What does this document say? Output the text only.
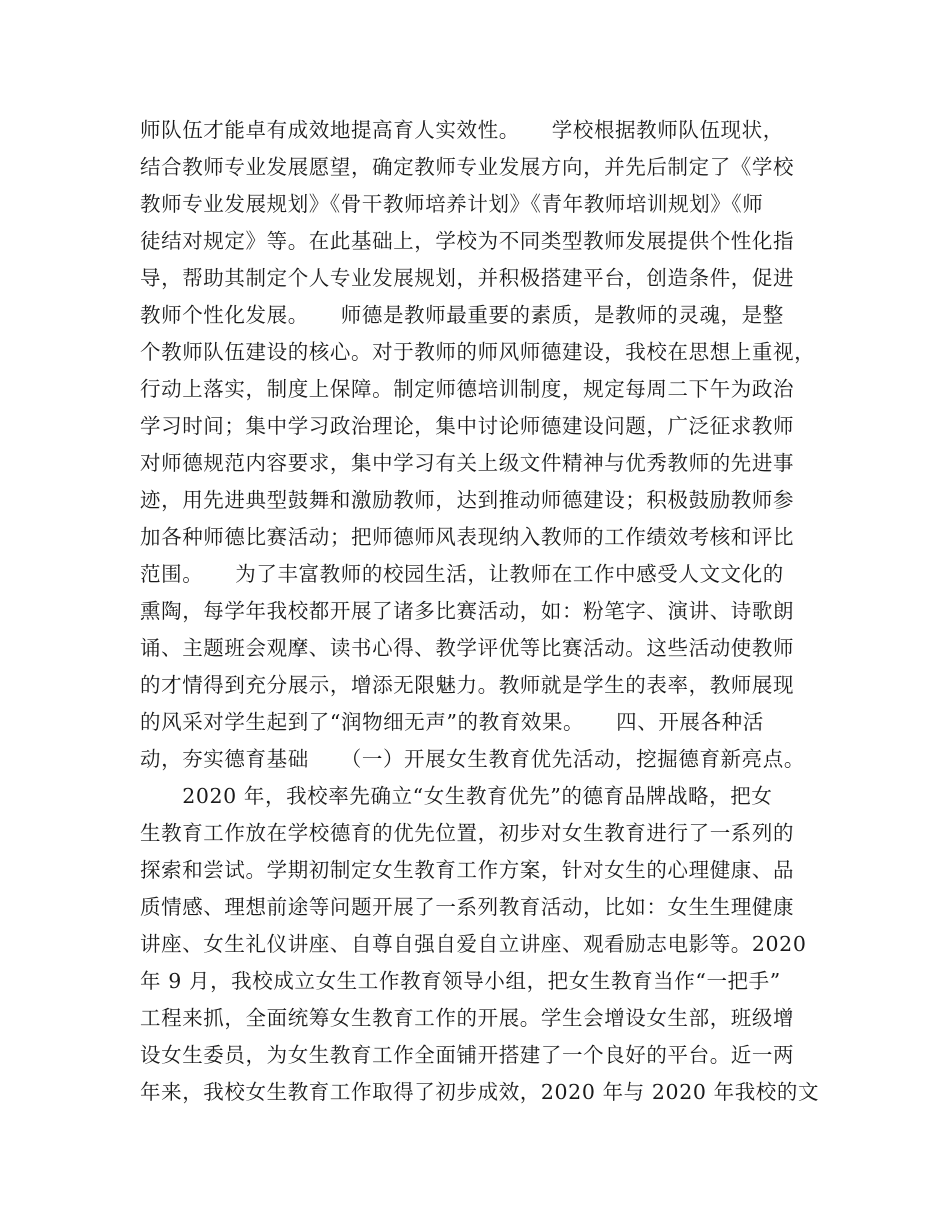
师队伍才能卓有成效地提高育人实效性。　　学校根据教师队伍现状，
结合教师专业发展愿望，确定教师专业发展方向，并先后制定了《学校
教师专业发展规划》《骨干教师培养计划》《青年教师培训规划》《师
徒结对规定》等。在此基础上，学校为不同类型教师发展提供个性化指
导，帮助其制定个人专业发展规划，并积极搭建平台，创造条件，促进
教师个性化发展。　　师德是教师最重要的素质，是教师的灵魂，是整
个教师队伍建设的核心。对于教师的师风师德建设，我校在思想上重视，
行动上落实，制度上保障。制定师德培训制度，规定每周二下午为政治
学习时间；集中学习政治理论，集中讨论师德建设问题，广泛征求教师
对师德规范内容要求，集中学习有关上级文件精神与优秀教师的先进事
迹，用先进典型鼓舞和激励教师，达到推动师德建设；积极鼓励教师参
加各种师德比赛活动；把师德师风表现纳入教师的工作绩效考核和评比
范围。　　为了丰富教师的校园生活，让教师在工作中感受人文文化的
熏陶，每学年我校都开展了诸多比赛活动，如：粉笔字、演讲、诗歌朗
诵、主题班会观摩、读书心得、教学评优等比赛活动。这些活动使教师
的才情得到充分展示，增添无限魅力。教师就是学生的表率，教师展现
的风采对学生起到了“润物细无声”的教育效果。　　四、开展各种活
动，夯实德育基础　　（一）开展女生教育优先活动，挖掘德育新亮点。
　　2020 年，我校率先确立“女生教育优先”的德育品牌战略，把女
生教育工作放在学校德育的优先位置，初步对女生教育进行了一系列的
探索和尝试。学期初制定女生教育工作方案，针对女生的心理健康、品
质情感、理想前途等问题开展了一系列教育活动，比如：女生生理健康
讲座、女生礼仪讲座、自尊自强自爱自立讲座、观看励志电影等。2020
年 9 月，我校成立女生工作教育领导小组，把女生教育当作“一把手”
工程来抓，全面统筹女生教育工作的开展。学生会增设女生部，班级增
设女生委员，为女生教育工作全面铺开搭建了一个良好的平台。近一两
年来，我校女生教育工作取得了初步成效，2020 年与 2020 年我校的文
